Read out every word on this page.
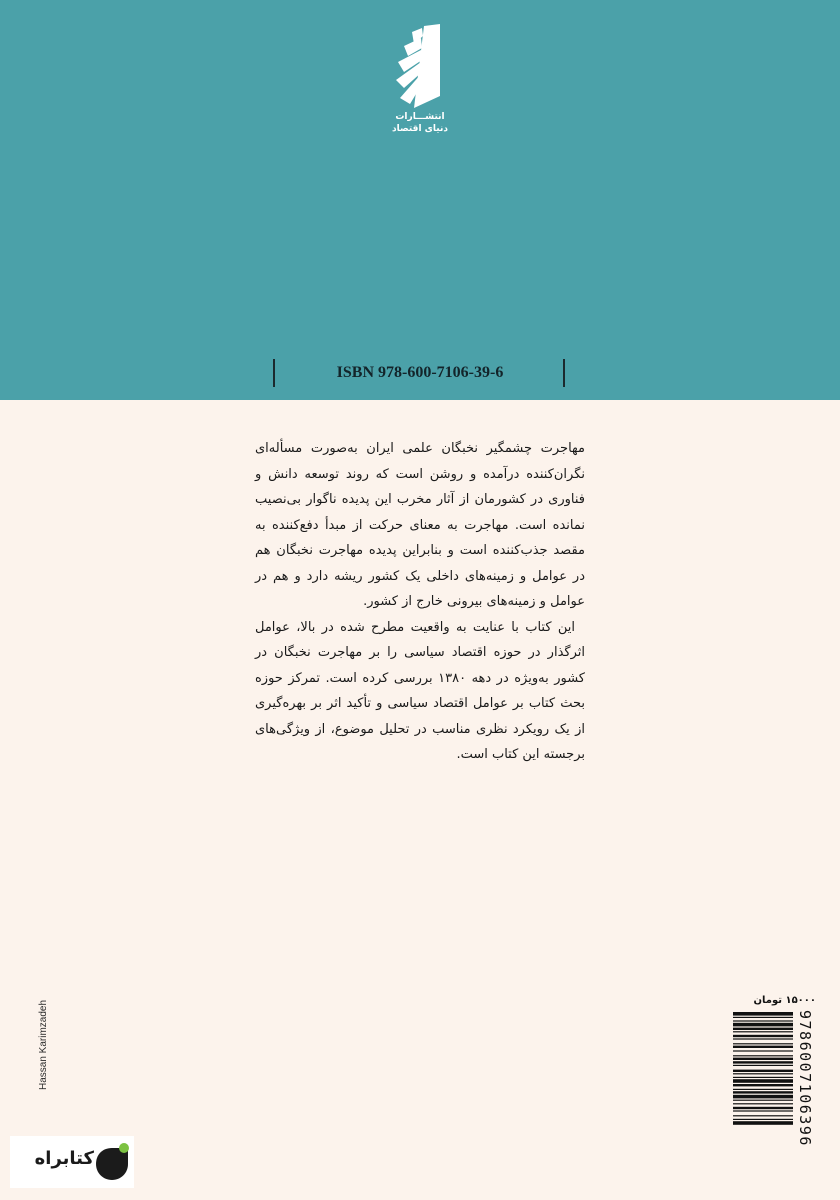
انتشـــارات
دنیای اقتصاد
ISBN 978-600-7106-39-6

مهاجرت چشمگیر نخبگان علمی ایران به‌صورت مسأله‌ای نگران‌کننده درآمده و روشن است که روند توسعه دانش و فناوری در کشورمان از آثار مخرب این پدیده ناگوار بی‌نصیب نمانده است. مهاجرت به معنای حرکت از مبدأ دفع‌کننده به مقصد جذب‌کننده است و بنابراین پدیده مهاجرت نخبگان هم در عوامل و زمینه‌های داخلی یک کشور ریشه دارد و هم در عوامل و زمینه‌های بیرونی خارج از کشور.

این کتاب با عنایت به واقعیت مطرح شده در بالا، عوامل اثرگذار در حوزه اقتصاد سیاسی را بر مهاجرت نخبگان در کشور به‌ویژه در دهه ۱۳۸۰ بررسی کرده است. تمرکز حوزه بحث کتاب بر عوامل اقتصاد سیاسی و تأکید اثر بر بهره‌گیری از یک رویکرد نظری مناسب در تحلیل موضوع، از ویژگی‌های برجسته این کتاب است.

۱۵۰۰۰ تومان
9786007106396
Hassan Karimzadeh
کتابراه
